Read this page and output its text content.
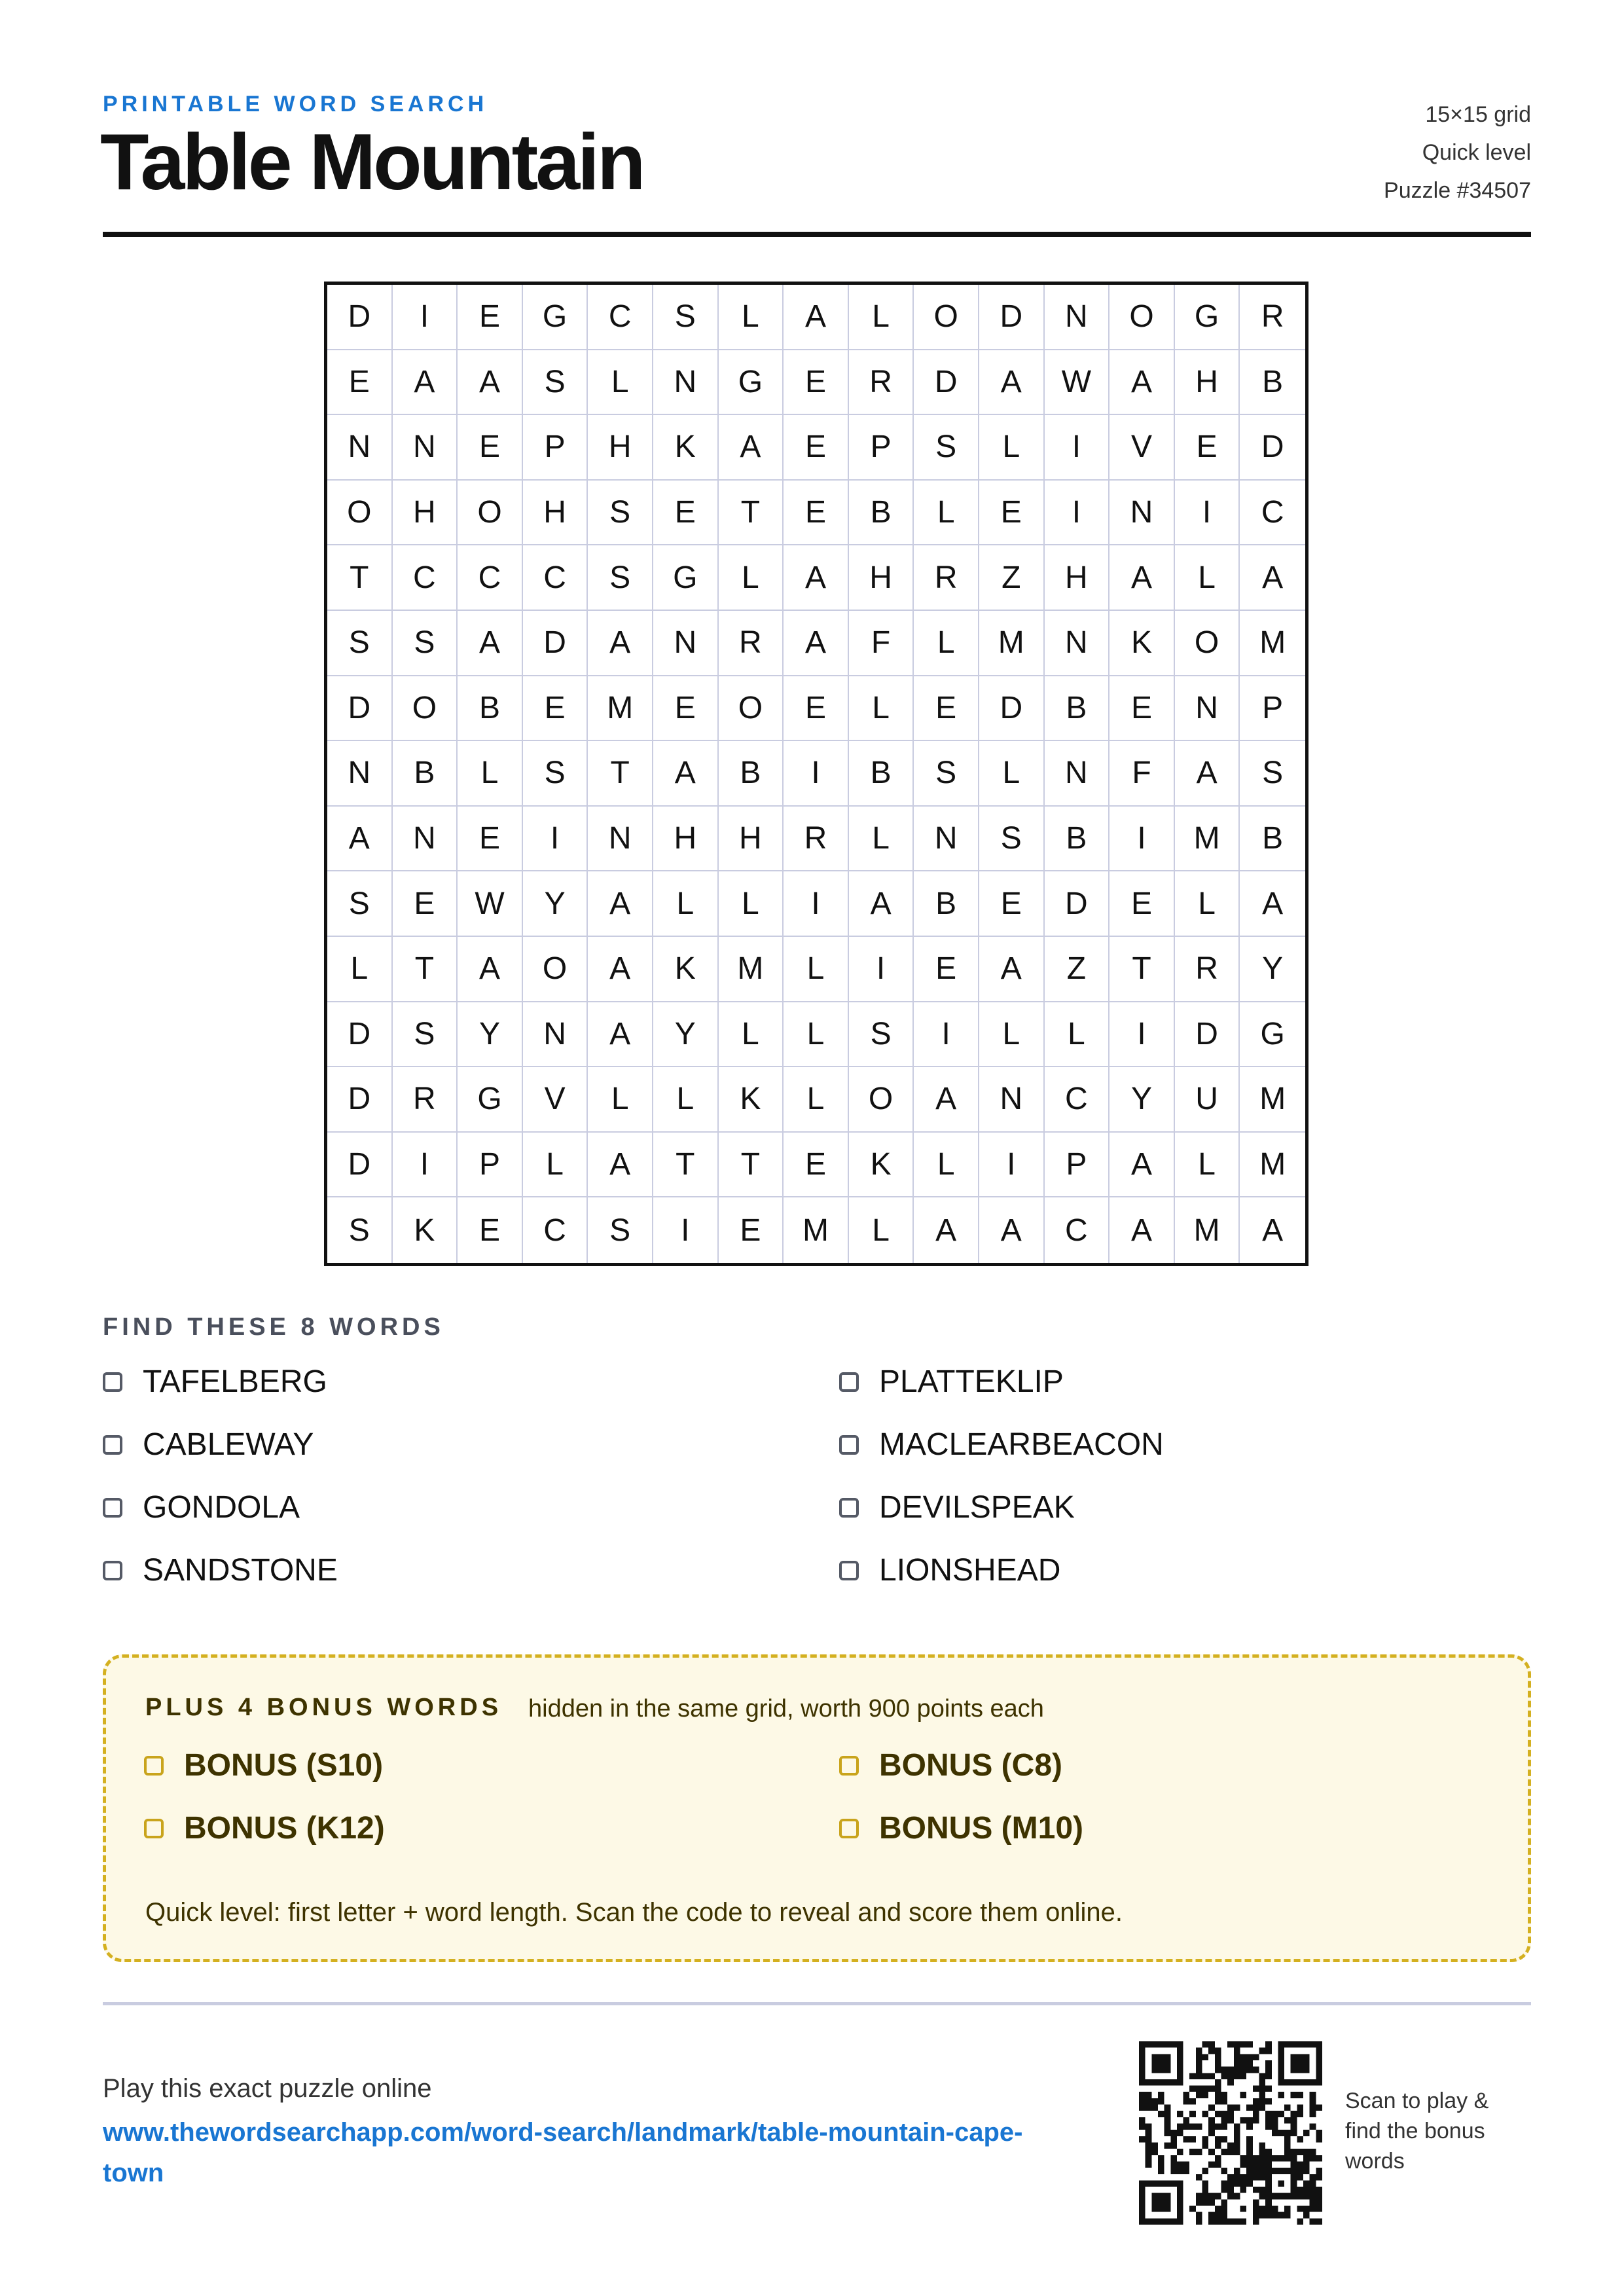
PRINTABLE WORD SEARCH
Table Mountain
15×15 grid
Quick level
Puzzle #34507
D	I	E	G	C	S	L	A	L	O	D	N	O	G	R
E	A	A	S	L	N	G	E	R	D	A	W	A	H	B
N	N	E	P	H	K	A	E	P	S	L	I	V	E	D
O	H	O	H	S	E	T	E	B	L	E	I	N	I	C
T	C	C	C	S	G	L	A	H	R	Z	H	A	L	A
S	S	A	D	A	N	R	A	F	L	M	N	K	O	M
D	O	B	E	M	E	O	E	L	E	D	B	E	N	P
N	B	L	S	T	A	B	I	B	S	L	N	F	A	S
A	N	E	I	N	H	H	R	L	N	S	B	I	M	B
S	E	W	Y	A	L	L	I	A	B	E	D	E	L	A
L	T	A	O	A	K	M	L	I	E	A	Z	T	R	Y
D	S	Y	N	A	Y	L	L	S	I	L	L	I	D	G
D	R	G	V	L	L	K	L	O	A	N	C	Y	U	M
D	I	P	L	A	T	T	E	K	L	I	P	A	L	M
S	K	E	C	S	I	E	M	L	A	A	C	A	M	A
FIND THESE 8 WORDS
TAFELBERG
CABLEWAY
GONDOLA
SANDSTONE
PLATTEKLIP
MACLEARBEACON
DEVILSPEAK
LIONSHEAD
PLUS 4 BONUS WORDS hidden in the same grid, worth 900 points each
BONUS (S10)	BONUS (C8)
BONUS (K12)	BONUS (M10)
Quick level: first letter + word length. Scan the code to reveal and score them online.
Play this exact puzzle online
www.thewordsearchapp.com/word-search/landmark/table-mountain-cape-town
Scan to play & find the bonus words
